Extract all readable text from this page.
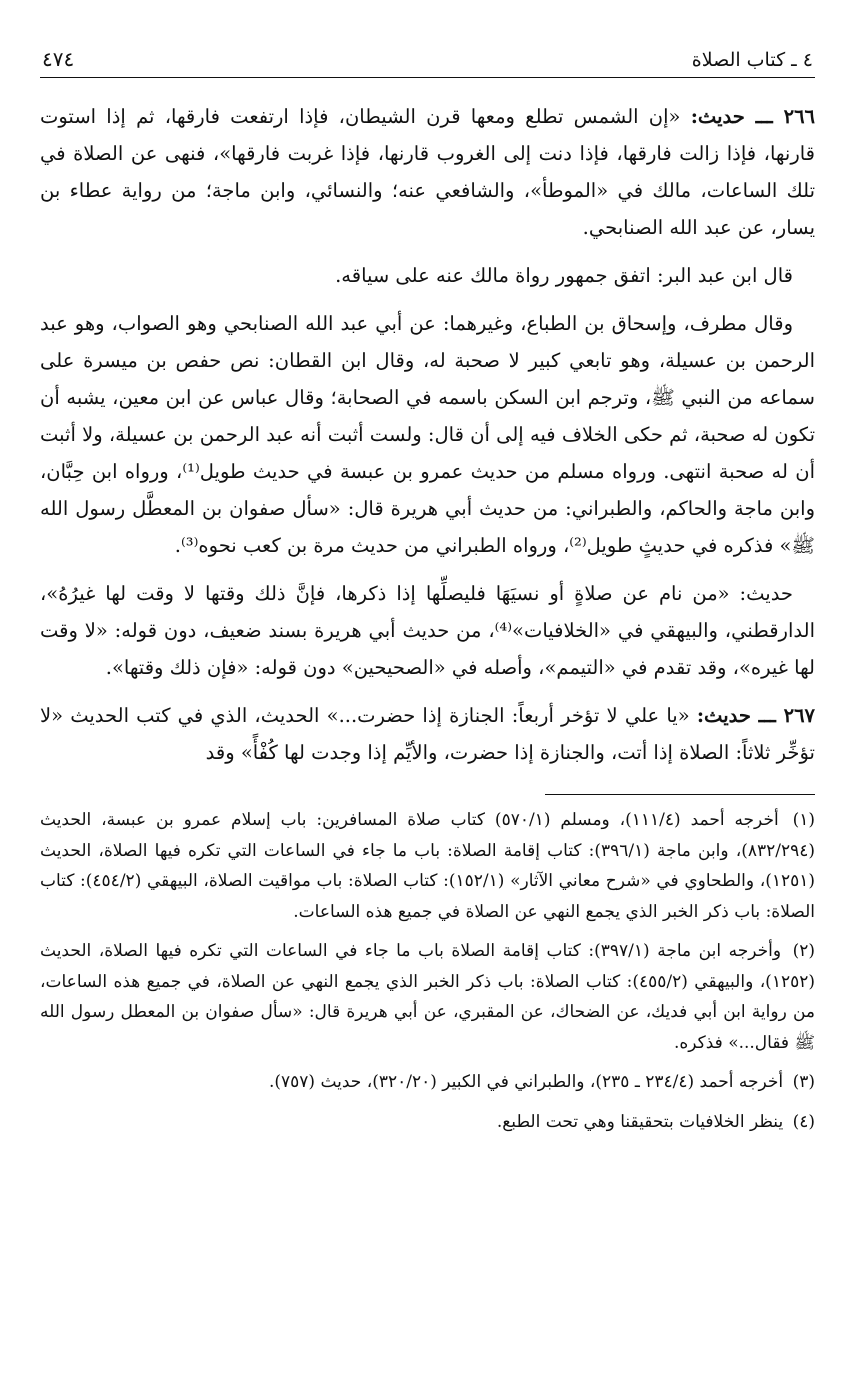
٤ ـ كتاب الصلاة
٤٧٤

٢٦٦ ـــ حديث: «إن الشمس تطلع ومعها قرن الشيطان، فإذا ارتفعت فارقها، ثم إذا استوت قارنها، فإذا زالت فارقها، فإذا دنت إلى الغروب قارنها، فإذا غربت فارقها»، فنهى عن الصلاة في تلك الساعات، مالك في «الموطأ»، والشافعي عنه؛ والنسائي، وابن ماجة؛ من رواية عطاء بن يسار، عن عبد الله الصنابحي.

قال ابن عبد البر: اتفق جمهور رواة مالك عنه على سياقه.

وقال مطرف، وإسحاق بن الطباع، وغيرهما: عن أبي عبد الله الصنابحي وهو الصواب، وهو عبد الرحمن بن عسيلة، وهو تابعي كبير لا صحبة له، وقال ابن القطان: نص حفص بن ميسرة على سماعه من النبي ﷺ، وترجم ابن السكن باسمه في الصحابة؛ وقال عباس عن ابن معين، يشبه أن تكون له صحبة، ثم حكى الخلاف فيه إلى أن قال: ولست أثبت أنه عبد الرحمن بن عسيلة، ولا أثبت أن له صحبة انتهى. ورواه مسلم من حديث عمرو بن عبسة في حديث طويل⁽¹⁾، ورواه ابن حِبَّان، وابن ماجة والحاكم، والطبراني: من حديث أبي هريرة قال: «سأل صفوان بن المعطَّل رسول الله ﷺ» فذكره في حديثٍ طويل⁽²⁾، ورواه الطبراني من حديث مرة بن كعب نحوه⁽³⁾.

حديث: «من نام عن صلاةٍ أو نسيَهَا فليصلِّها إذا ذكرها، فإنَّ ذلك وقتها لا وقت لها غيرُهُ»، الدارقطني، والبيهقي في «الخلافيات»⁽⁴⁾، من حديث أبي هريرة بسند ضعيف، دون قوله: «لا وقت لها غيره»، وقد تقدم في «التيمم»، وأصله في «الصحيحين» دون قوله: «فإن ذلك وقتها».

٢٦٧ ـــ حديث: «يا علي لا تؤخر أربعاً: الجنازة إذا حضرت...» الحديث، الذي في كتب الحديث «لا تؤخِّر ثلاثاً: الصلاة إذا أتت، والجنازة إذا حضرت، والأيِّم إذا وجدت لها كُفْأً» وقد

(١) أخرجه أحمد (١١١/٤)، ومسلم (٥٧٠/١) كتاب صلاة المسافرين: باب إسلام عمرو بن عبسة، الحديث (٨٣٢/٢٩٤)، وابن ماجة (٣٩٦/١): كتاب إقامة الصلاة: باب ما جاء في الساعات التي تكره فيها الصلاة، الحديث (١٢٥١)، والطحاوي في «شرح معاني الآثار» (١٥٢/١): كتاب الصلاة: باب مواقيت الصلاة، البيهقي (٤٥٤/٢): كتاب الصلاة: باب ذكر الخبر الذي يجمع النهي عن الصلاة في جميع هذه الساعات.

(٢) وأخرجه ابن ماجة (٣٩٧/١): كتاب إقامة الصلاة باب ما جاء في الساعات التي تكره فيها الصلاة، الحديث (١٢٥٢)، والبيهقي (٤٥٥/٢): كتاب الصلاة: باب ذكر الخبر الذي يجمع النهي عن الصلاة، في جميع هذه الساعات، من رواية ابن أبي فديك، عن الضحاك، عن المقبري، عن أبي هريرة قال: «سأل صفوان بن المعطل رسول الله ﷺ فقال...» فذكره.

(٣) أخرجه أحمد (٢٣٤/٤ ـ ٢٣٥)، والطبراني في الكبير (٣٢٠/٢٠)، حديث (٧٥٧).

(٤) ينظر الخلافيات بتحقيقنا وهي تحت الطبع.
